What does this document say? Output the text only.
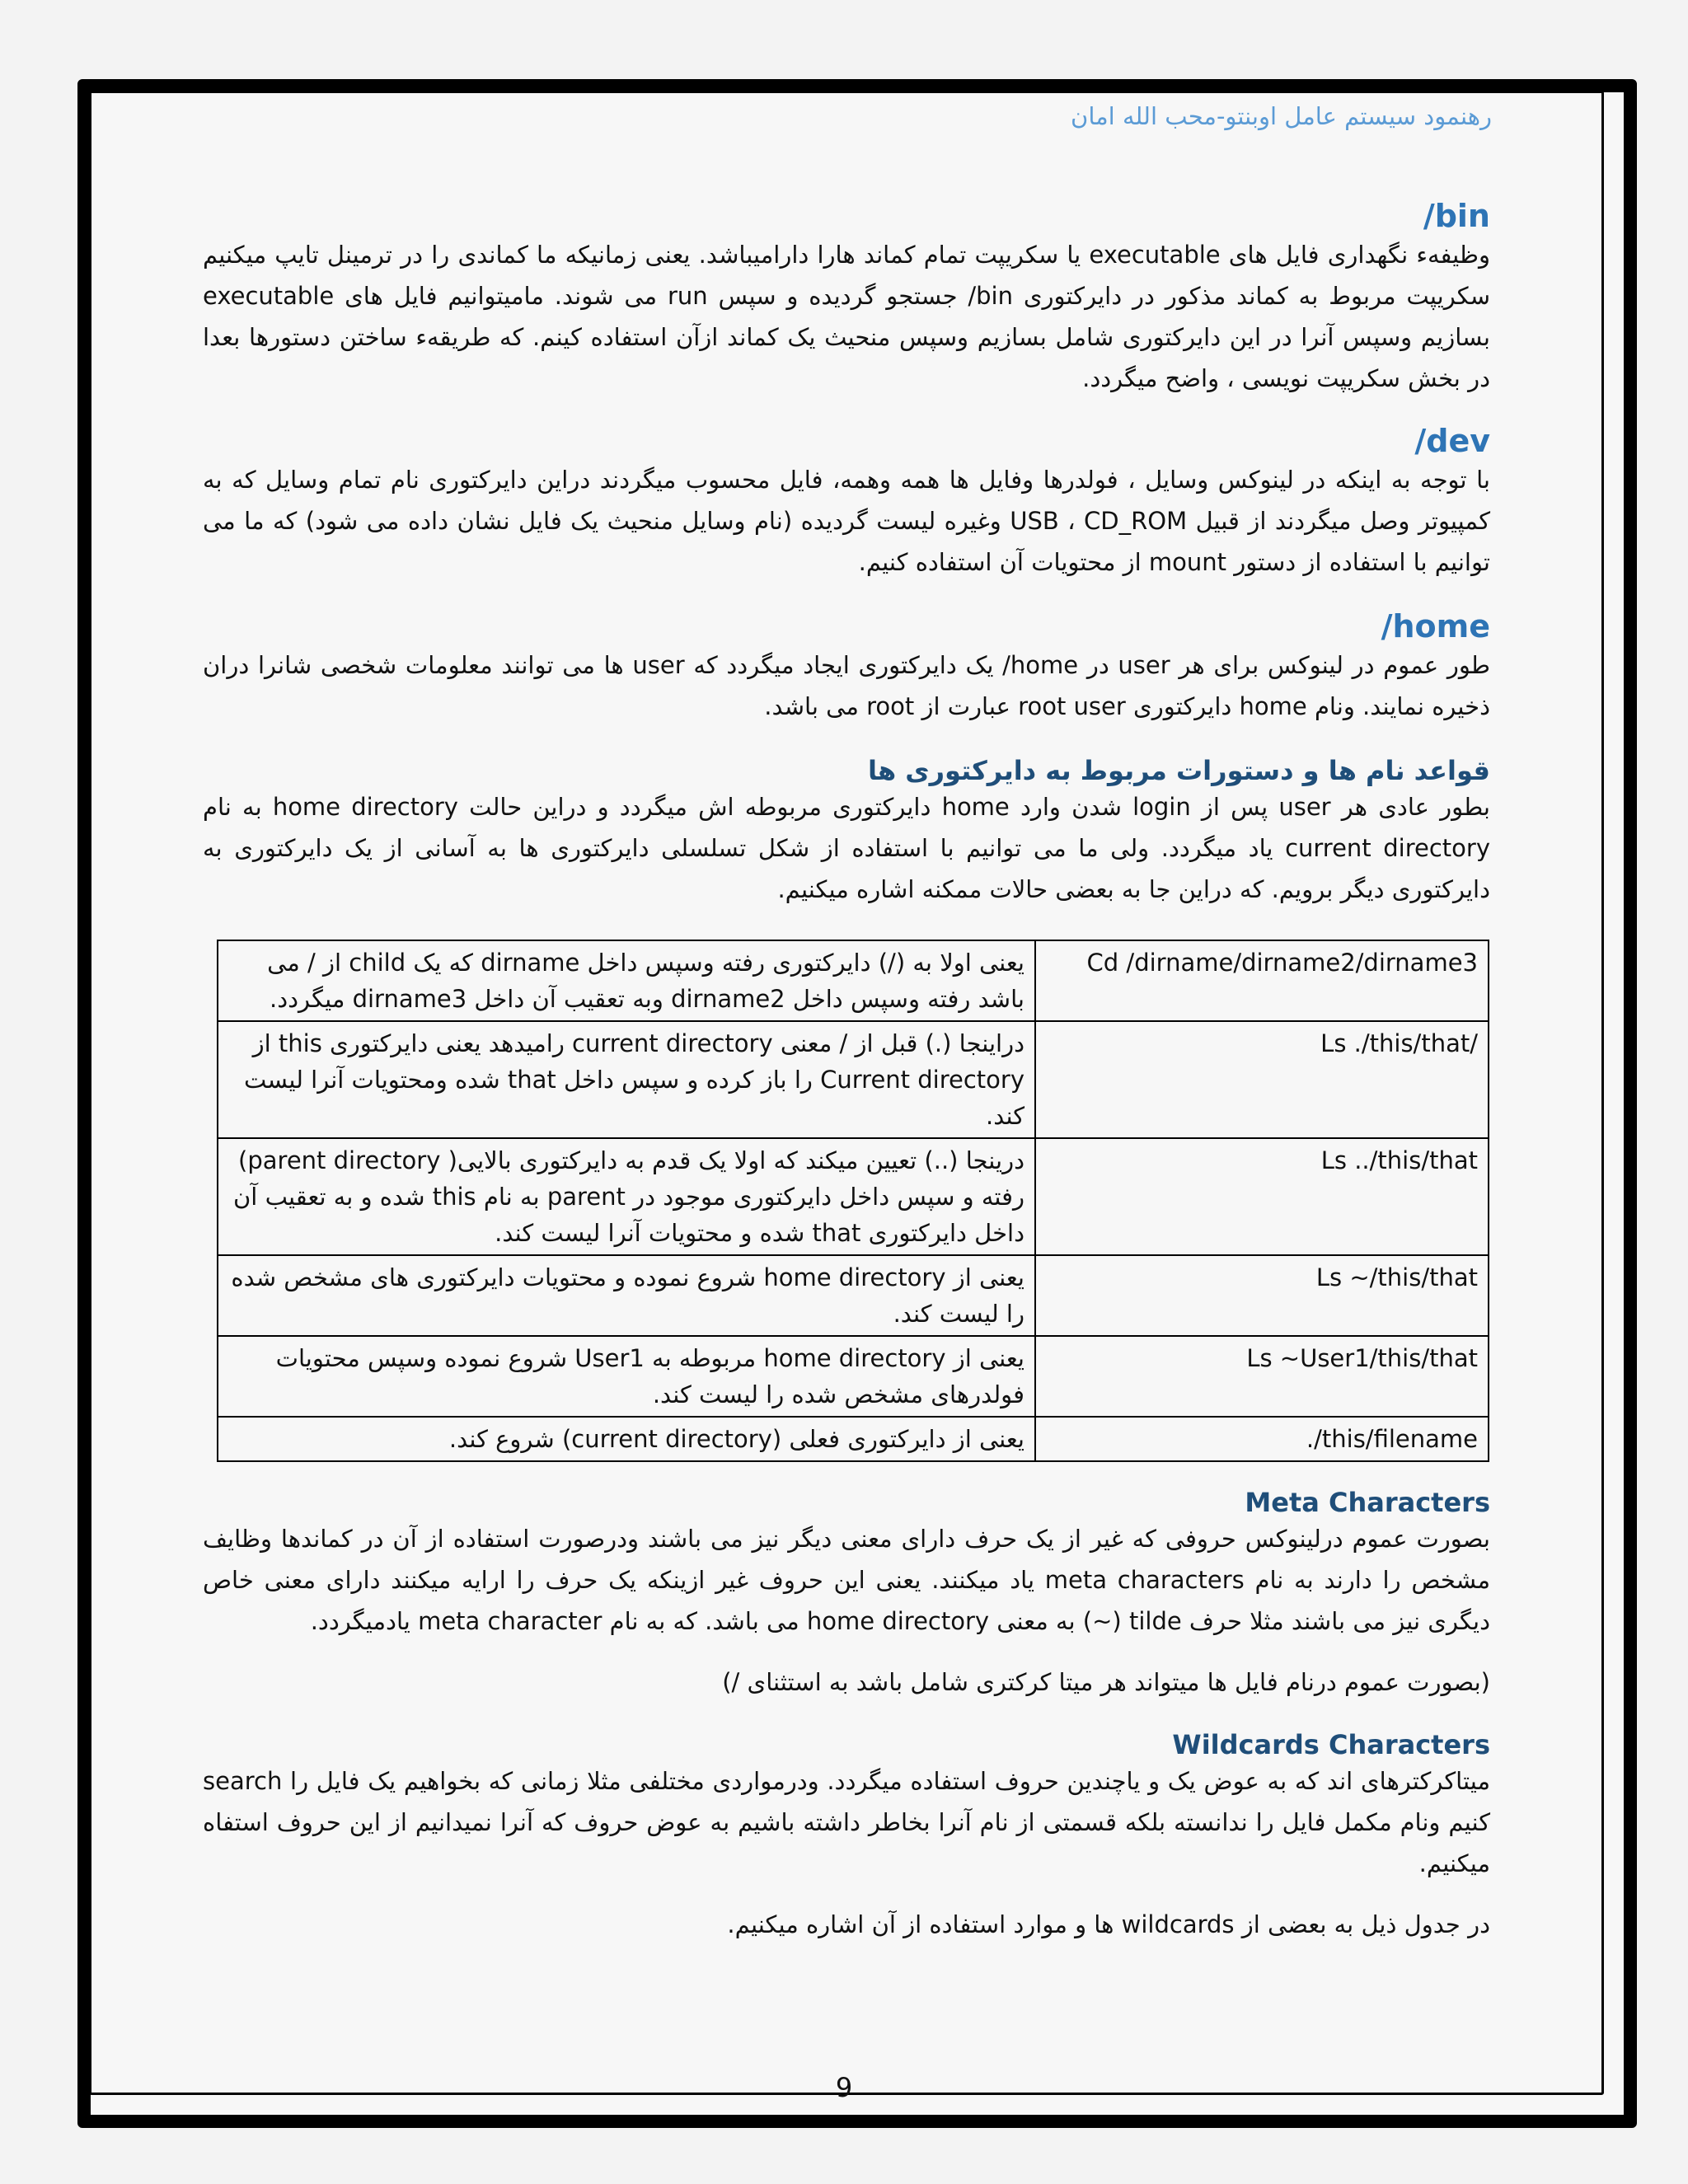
رهنمود سیستم عامل اوبنتو-محب الله امان
/bin

وظیفهء نگهداری فایل های executable یا سکریپت تمام کماند هارا دارامیباشد. یعنی زمانیکه ما کماندی را در ترمینل تایپ میکنیم سکریپت مربوط به کماند مذکور در دایرکتوری bin/ جستجو گردیده و سپس run می شوند. مامیتوانیم فایل های executable بسازیم وسپس آنرا در این دایرکتوری شامل بسازیم وسپس منحیث یک کماند ازآن استفاده کینم. که طریقهء ساختن دستورها بعدا در بخش سکریپت نویسی ، واضح میگردد.

/dev

با توجه به اینکه در لینوکس وسایل ، فولدرها وفایل ها همه وهمه، فایل محسوب میگردند دراین دایرکتوری نام تمام وسایل که به کمپیوتر وصل میگردند از قبیل USB ، CD_ROM وغیره لیست گردیده (نام وسایل منحیث یک فایل نشان داده می شود) که ما می توانیم با استفاده از دستور mount از محتویات آن استفاده کنیم.

/home

طور عموم در لینوکس برای هر user در home/ یک دایرکتوری ایجاد میگردد که user ها می توانند معلومات شخصی شانرا دران ذخیره نمایند. ونام home دایرکتوری root user عبارت از root می باشد.

قواعد نام ها و دستورات مربوط به دایرکتوری ها

بطور عادی هر user پس از login شدن وارد home دایرکتوری مربوطه اش میگردد و دراین حالت home directory به نام current directory یاد میگردد. ولی ما می توانیم با استفاده از شکل تسلسلی دایرکتوری ها به آسانی از یک دایرکتوری به دایرکتوری دیگر برویم. که دراین جا به بعضی حالات ممکنه اشاره میکنیم.

یعنی اولا به (/) دایرکتوری رفته وسپس داخل dirname که یک child از / می باشد رفته وسپس داخل dirname2 وبه تعقیب آن داخل dirname3 میگردد.	Cd /dirname/dirname2/dirname3
دراینجا (.) قبل از / معنی current directory رامیدهد یعنی دایرکتوری this از Current directory را باز کرده و سپس داخل that شده ومحتویات آنرا لیست کند.	Ls ./this/that/
درینجا (..) تعیین میکند که اولا یک قدم به دایرکتوری بالایی( parent directory) رفته و سپس داخل دایرکتوری موجود در parent به نام this شده و به تعقیب آن داخل دایرکتوری that شده و محتویات آنرا لیست کند.	Ls ../this/that
یعنی از home directory شروع نموده و محتویات دایرکتوری های مشخص شده را لیست کند.	Ls ~/this/that
یعنی از home directory مربوطه به User1 شروع نموده وسپس محتویات فولدرهای مشخص شده را لیست کند.	Ls ~User1/this/that
یعنی از دایرکتوری فعلی (current directory) شروع کند.	./this/filename
Meta Characters

بصورت عموم درلینوکس حروفی که غیر از یک حرف دارای معنی دیگر نیز می باشند ودرصورت استفاده از آن در کماندها وظایف مشخص را دارند به نام meta characters یاد میکنند. یعنی این حروف غیر ازینکه یک حرف را ارایه میکنند دارای معنی خاص دیگری نیز می باشند مثلا حرف tilde (~) به معنی home directory می باشد. که به نام meta character یادمیگردد.

(بصورت عموم درنام فایل ها میتواند هر میتا کرکتری شامل باشد به استثنای /)

Wildcards Characters

میتاکرکترهای اند که به عوض یک و یاچندین حروف استفاده میگردد. ودرمواردی مختلفی مثلا زمانی که بخواهیم یک فایل را search کنیم ونام مکمل فایل را ندانسته بلکه قسمتی از نام آنرا بخاطر داشته باشیم به عوض حروف که آنرا نمیدانیم از این حروف استفاه میکنیم.

در جدول ذیل به بعضی از wildcards ها و موارد استفاده از آن اشاره میکنیم.

9
